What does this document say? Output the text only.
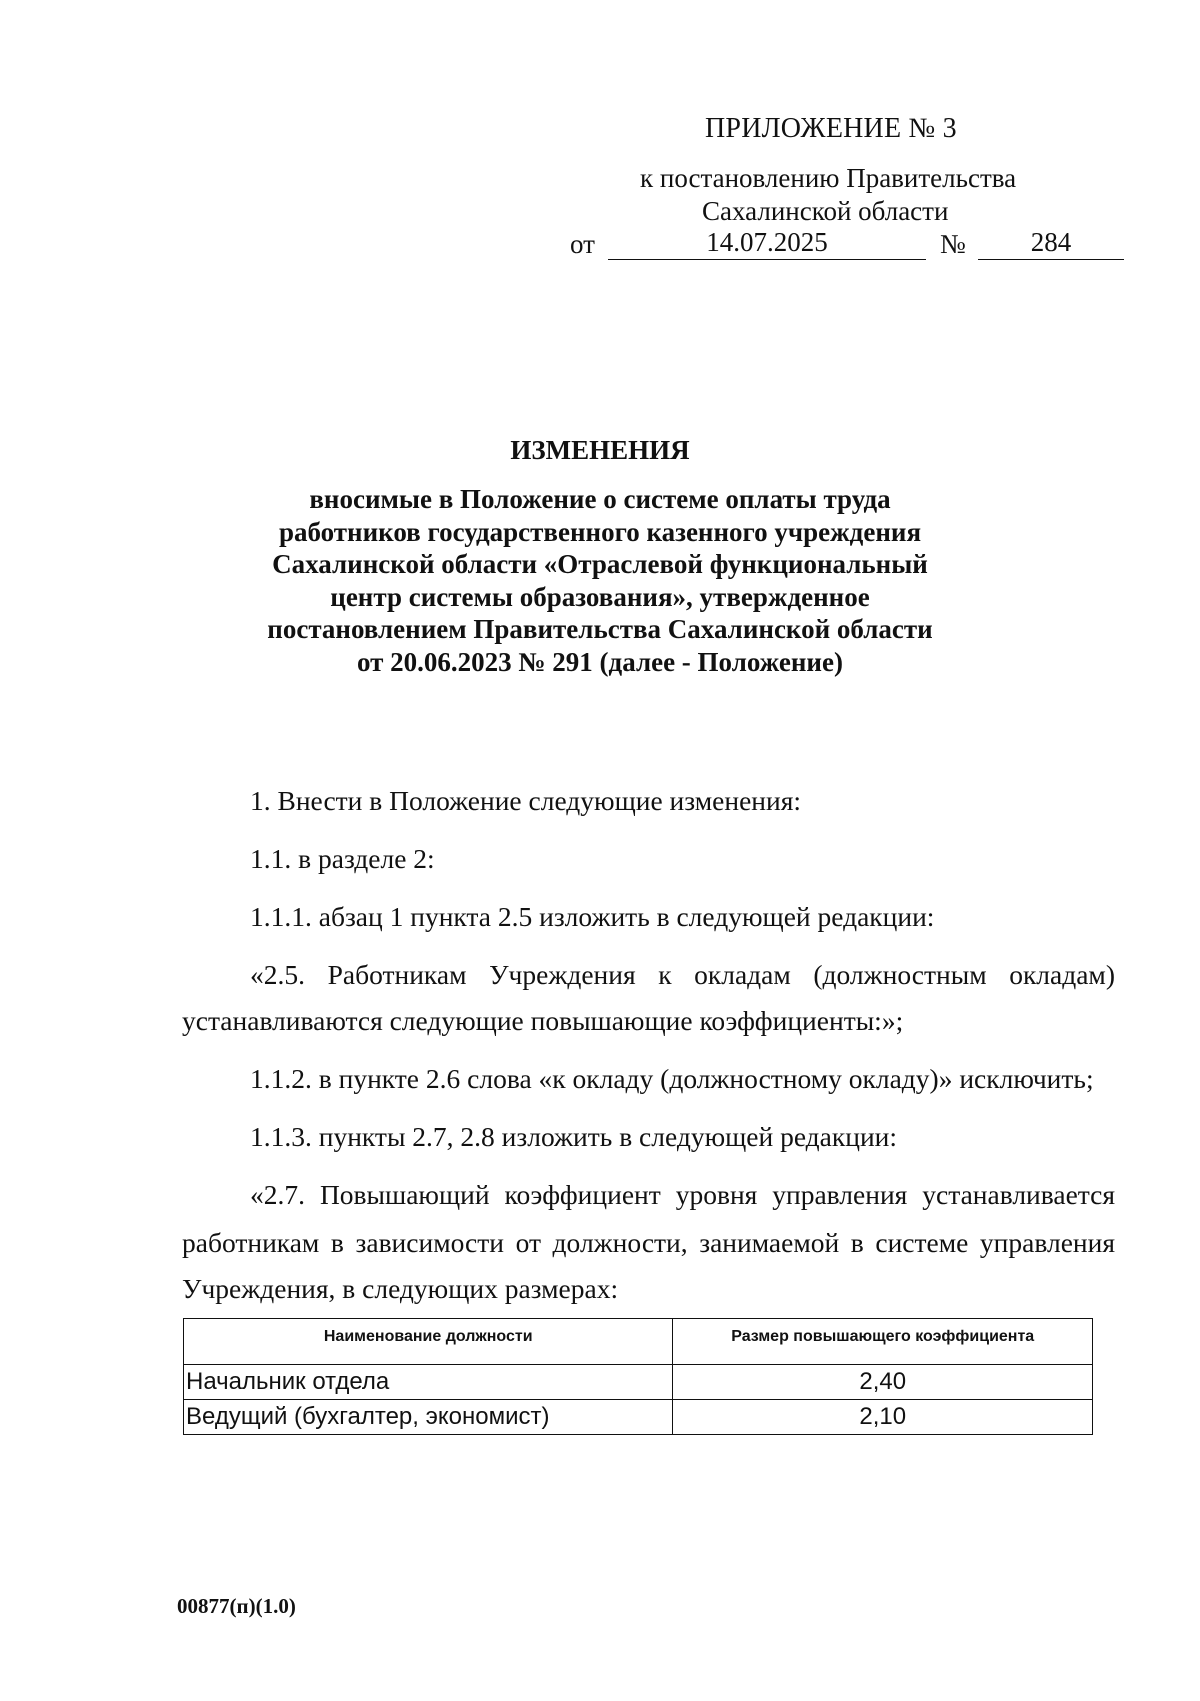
ПРИЛОЖЕНИЕ № 3
к постановлению Правительства
Сахалинской области
от	14.07.2025	№	284
ИЗМЕНЕНИЯ
вносимые в Положение о системе оплаты труда
работников государственного казенного учреждения
Сахалинской области «Отраслевой функциональный
центр системы образования», утвержденное
постановлением Правительства Сахалинской области
от 20.06.2023 № 291 (далее - Положение)
1. Внести в Положение следующие изменения:
1.1. в разделе 2:
1.1.1. абзац 1 пункта 2.5 изложить в следующей редакции:
«2.5. Работникам Учреждения к окладам (должностным окладам)
устанавливаются следующие повышающие коэффициенты:»;
1.1.2. в пункте 2.6 слова «к окладу (должностному окладу)» исключить;
1.1.3. пункты 2.7, 2.8 изложить в следующей редакции:
«2.7. Повышающий коэффициент уровня управления устанавливается
работникам в зависимости от должности, занимаемой в системе управления
Учреждения, в следующих размерах:
Наименование должности	Размер повышающего коэффициента
Начальник отдела	2,40
Ведущий (бухгалтер, экономист)	2,10
00877(п)(1.0)
